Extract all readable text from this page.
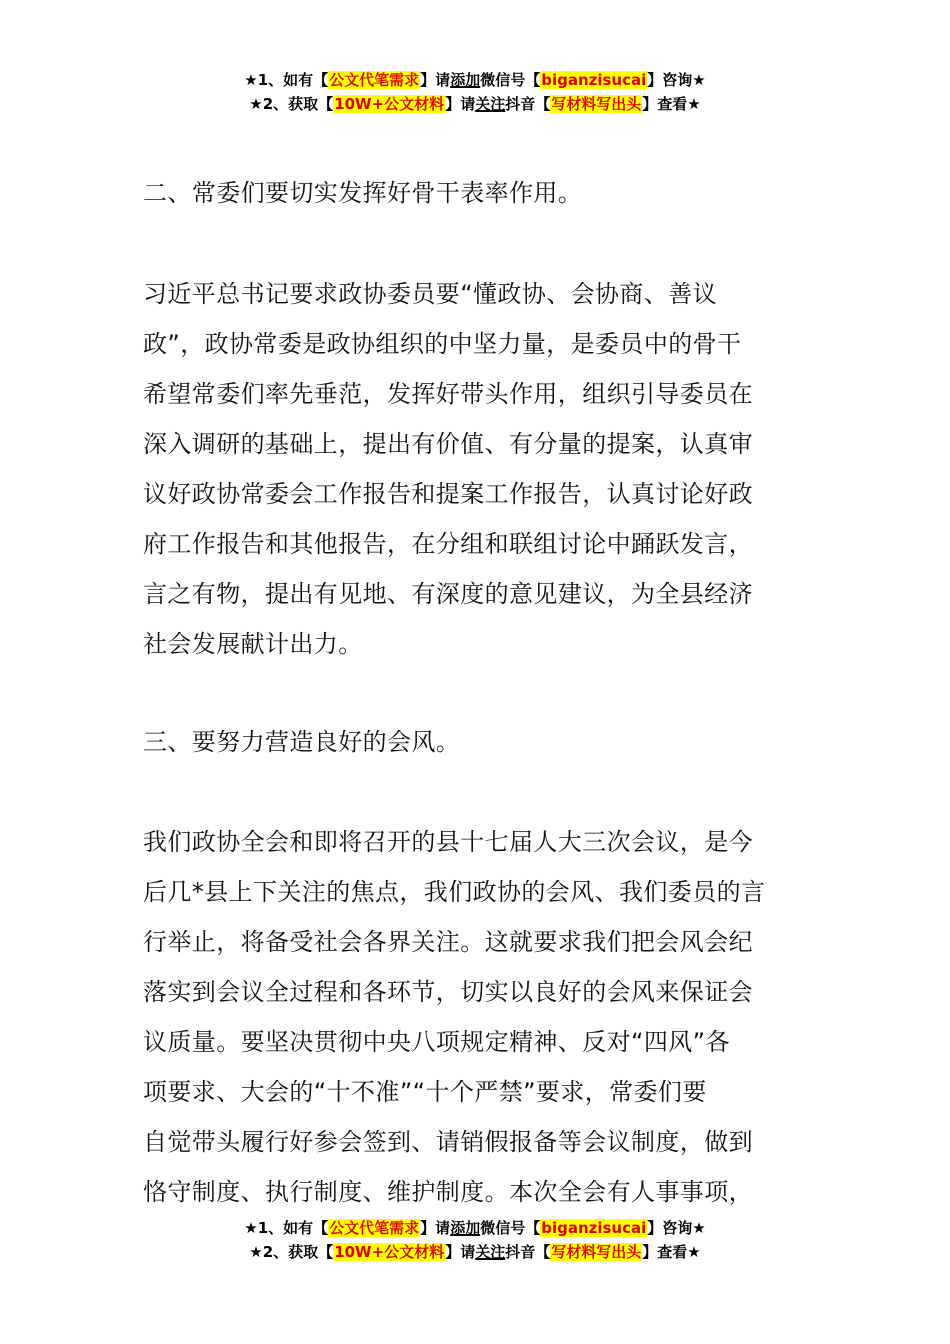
★1、如有【公文代笔需求】请添加微信号【biganzisucai】咨询★
★2、获取【10W+公文材料】请关注抖音【写材料写出头】查看★
二、常委们要切实发挥好骨干表率作用。
习近平总书记要求政协委员要“懂政协、会协商、善议
政”，政协常委是政协组织的中坚力量，是委员中的骨干
希望常委们率先垂范，发挥好带头作用，组织引导委员在
深入调研的基础上，提出有价值、有分量的提案，认真审
议好政协常委会工作报告和提案工作报告，认真讨论好政
府工作报告和其他报告，在分组和联组讨论中踊跃发言，
言之有物，提出有见地、有深度的意见建议，为全县经济
社会发展献计出力。
三、要努力营造良好的会风。
我们政协全会和即将召开的县十七届人大三次会议，是今
后几*县上下关注的焦点，我们政协的会风、我们委员的言
行举止，将备受社会各界关注。这就要求我们把会风会纪
落实到会议全过程和各环节，切实以良好的会风来保证会
议质量。要坚决贯彻中央八项规定精神、反对“四风”各
项要求、大会的“十不准”“十个严禁”要求，常委们要
自觉带头履行好参会签到、请销假报备等会议制度，做到
恪守制度、执行制度、维护制度。本次全会有人事事项，
★1、如有【公文代笔需求】请添加微信号【biganzisucai】咨询★
★2、获取【10W+公文材料】请关注抖音【写材料写出头】查看★
